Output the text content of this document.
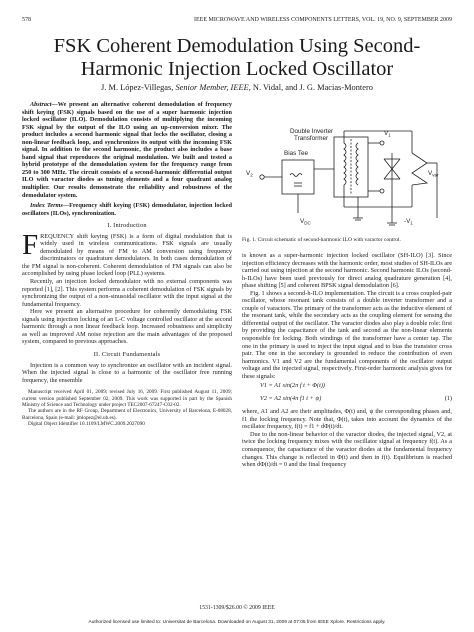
578	IEEE MICROWAVE AND WIRELESS COMPONENTS LETTERS, VOL. 19, NO. 9, SEPTEMBER 2009
FSK Coherent Demodulation Using Second-
Harmonic Injection Locked Oscillator
J. M. López-Villegas, Senior Member, IEEE, N. Vidal, and J. G. Macias-Montero

Abstract—We present an alternative coherent demodulation of frequency shift keying (FSK) signals based on the use of a super harmonic injection locked oscillator (ILO). Demodulation consists of multiplying the incoming FSK signal by the output of the ILO using an up-conversion mixer. The product includes a second harmonic signal that locks the oscillator, closing a non-linear feedback loop, and synchronizes its output with the incoming FSK signal. In addition to the second harmonic, the product also includes a base band signal that reproduces the original modulation. We built and tested a hybrid prototype of the demodulation system for the frequency range from 250 to 300 MHz. The circuit consists of a second-harmonic differential output ILO with varactor diodes as tuning elements and a four quadrant analog multiplier. Our results demonstrate the reliability and robustness of the demodulator system.

Index Terms—Frequency shift keying (FSK) demodulator, injection locked oscillators (ILOs), synchronization.

I. Introduction

FREQUENCY shift keying (FSK) is a form of digital modulation that is widely used in wireless communications. FSK signals are usually demodulated by means of FM to AM conversion using frequency discriminators or quadrature demodulators. In both cases demodulation of the FM signal is non-coherent. Coherent demodulation of FM signals can also be accomplished by using phase locked loop (PLL) systems.

Recently, an injection locked demodulator with no external components was reported [1], [2]. This system performs a coherent demodulation of FSK signals by synchronizing the output of a non-sinusoidal oscillator with the input signal at the fundamental frequency.

Here we present an alternative procedure for coherently demodulating FSK signals using injection locking of an L-C voltage controlled oscillator at the second harmonic through a non linear feedback loop. Increased robustness and simplicity as well as improved AM noise rejection are the main advantages of the proposed system, compared to previous approaches.

II. Circuit Fundamentals

Injection is a common way to synchronize an oscillator with an incident signal. When the injected signal is close to a harmonic of the oscillator free running frequency, the ensemble

Manuscript received April 01, 2009; revised July 16, 2009. First published August 11, 2009; current version published September 02, 2009. This work was supported in part by the Spanish Ministry of Science and Technology under project TEC2007-67247-C02-02.

The authors are in the RF Group, Department of Electronics, University of Barcelona, E-08028, Barcelona, Spain (e-mail: jmlopez@el.ub.es).

Digital Object Identifier 10.1109/LMWC.2009.2027090

Double Inverter
Transformer
Bias Tee
$V_1$
$V_2$
$V_{DC}$
$V_{var}$
$-V_1$
Fig. 1. Circuit schematic of second-harmonic ILO with varactor control.

is known as a super-harmonic injection locked oscillator (SH-ILO) [3]. Since injection efficiency decreases with the harmonic order, most studies of SH-ILOs are carried out using injection at the second harmonic. Second harmonic ILOs (second-h-ILOs) have been used previously for direct analog quadrature generation [4], phase shifting [5] and coherent BPSK signal demodulation [6].

Fig. 1 shows a second-h-ILO implementation. The circuit is a cross coupled-pair oscillator, whose resonant tank consists of a double inverter transformer and a couple of varactors. The primary of the transformer acts as the inductive element of the resonant tank, while the secondary acts as the coupling element for sensing the differential output of the oscillator. The varactor diodes also play a double role: first by providing the capacitance of the tank and second as the non-linear elements responsible for locking. Both windings of the transformer have a center tap. The one in the primary is used to inject the input signal and to bias the transistor cross pair. The one in the secondary is grounded to reduce the contribution of even harmonics. V1 and V2 are the fundamental components of the oscillator output voltage and the injected signal, respectively. First-order harmonic analysis gives for these signals:

V1 = A1 sin(2π f t + Φ(t))
V2 = A2 sin(4π f1 t + ψ)	(1)

where, A1 and A2 are their amplitudes, Φ(t) and, ψ the corresponding phases and, f1 the locking frequency. Note that, Φ(t), takes into account the dynamics of the oscillator frequency, f(t) = f1 + dΦ(t)/dt.

Due to the non-linear behavior of the varactor diodes, the injected signal, V2, at twice the locking frequency mixes with the oscillator signal at frequency f(t). As a consequence, the capacitance of the varactor diodes at the fundamental frequency changes. This change is reflected in Φ(t) and then in f(t). Equilibrium is reached when dΦ(t)/dt = 0 and the final frequency

1531-1309/$26.00 © 2009 IEEE
Authorized licensed use limited to: Universitat de Barcelona. Downloaded on August 31, 2009 at 07:05 from IEEE Xplore. Restrictions apply.
